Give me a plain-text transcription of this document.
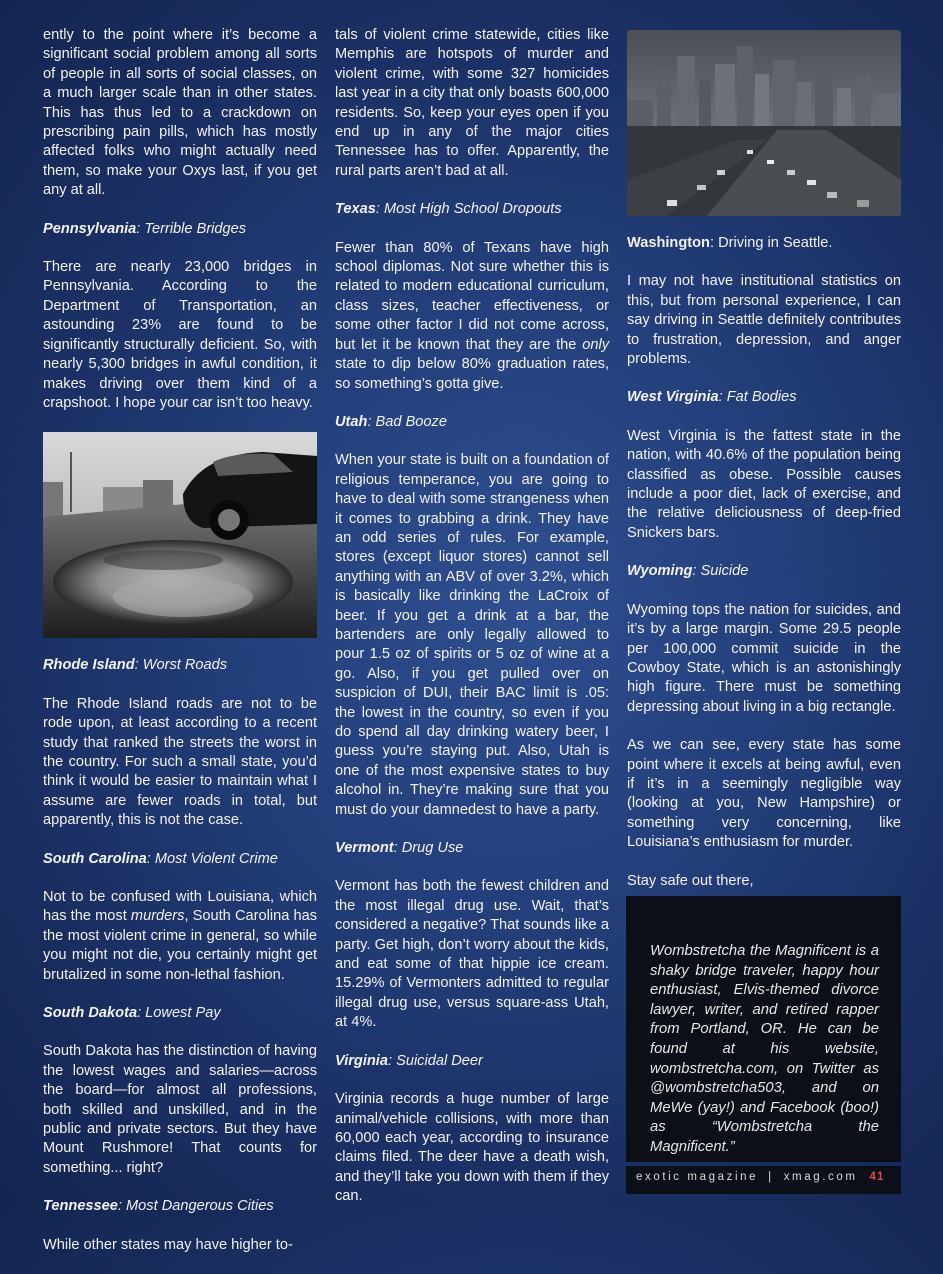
ently to the point where it’s become a significant social problem among all sorts of people in all sorts of social classes, on a much larger scale than in other states. This has thus led to a crackdown on prescribing pain pills, which has mostly affected folks who might actually need them, so make your Oxys last, if you get any at all.

Pennsylvania: Terrible Bridges

There are nearly 23,000 bridges in Pennsylvania. According to the Department of Transportation, an astounding 23% are found to be significantly structurally deficient. So, with nearly 5,300 bridges in awful condition, it makes driving over them kind of a crapshoot. I hope your car isn’t too heavy.

Rhode Island: Worst Roads

The Rhode Island roads are not to be rode upon, at least according to a recent study that ranked the streets the worst in the country. For such a small state, you’d think it would be easier to maintain what I assume are fewer roads in total, but apparently, this is not the case.

South Carolina: Most Violent Crime

Not to be confused with Louisiana, which has the most murders, South Carolina has the most violent crime in general, so while you might not die, you certainly might get brutalized in some non-lethal fashion.

South Dakota: Lowest Pay

South Dakota has the distinction of having the lowest wages and salaries—across the board—for almost all professions, both skilled and unskilled, and in the public and private sectors. But they have Mount Rushmore! That counts for something... right?

Tennessee: Most Dangerous Cities

While other states may have higher to-

tals of violent crime statewide, cities like Memphis are hotspots of murder and violent crime, with some 327 homicides last year in a city that only boasts 600,000 residents. So, keep your eyes open if you end up in any of the major cities Tennessee has to offer. Apparently, the rural parts aren’t bad at all.

Texas: Most High School Dropouts

Fewer than 80% of Texans have high school diplomas. Not sure whether this is related to modern educational curriculum, class sizes, teacher effectiveness, or some other factor I did not come across, but let it be known that they are the only state to dip below 80% graduation rates, so something’s gotta give.

Utah: Bad Booze

When your state is built on a foundation of religious temperance, you are going to have to deal with some strangeness when it comes to grabbing a drink. They have an odd series of rules. For example, stores (except liquor stores) cannot sell anything with an ABV of over 3.2%, which is basically like drinking the LaCroix of beer. If you get a drink at a bar, the bartenders are only legally allowed to pour 1.5 oz of spirits or 5 oz of wine at a go. Also, if you get pulled over on suspicion of DUI, their BAC limit is .05: the lowest in the country, so even if you do spend all day drinking watery beer, I guess you’re staying put. Also, Utah is one of the most expensive states to buy alcohol in. They’re making sure that you must do your damnedest to have a party.

Vermont: Drug Use

Vermont has both the fewest children and the most illegal drug use. Wait, that’s considered a negative? That sounds like a party. Get high, don’t worry about the kids, and eat some of that hippie ice cream. 15.29% of Vermonters admitted to regular illegal drug use, versus square-ass Utah, at 4%.

Virginia: Suicidal Deer

Virginia records a huge number of large animal/vehicle collisions, with more than 60,000 each year, according to insurance claims filed. The deer have a death wish, and they’ll take you down with them if they can.

Washington: Driving in Seattle.

I may not have institutional statistics on this, but from personal experience, I can say driving in Seattle definitely contributes to frustration, depression, and anger problems.

West Virginia: Fat Bodies

West Virginia is the fattest state in the nation, with 40.6% of the population being classified as obese. Possible causes include a poor diet, lack of exercise, and the relative deliciousness of deep-fried Snickers bars.

Wyoming: Suicide

Wyoming tops the nation for suicides, and it’s by a large margin. Some 29.5 people per 100,000 commit suicide in the Cowboy State, which is an astonishingly high figure. There must be something depressing about living in a big rectangle.

As we can see, every state has some point where it excels at being awful, even if it’s in a seemingly negligible way (looking at you, New Hampshire) or something very concerning, like Louisiana’s enthusiasm for murder.

Stay safe out there,

Wombstretcha the Magnificent is a shaky bridge traveler, happy hour enthusiast, Elvis-themed divorce lawyer, writer, and retired rapper from Portland, OR. He can be found at his website, wombstretcha.com, on Twitter as @wombstretcha503, and on MeWe (yay!) and Facebook (boo!) as “Wombstretcha the Magnificent.”

exotic magazine | xmag.com 41
